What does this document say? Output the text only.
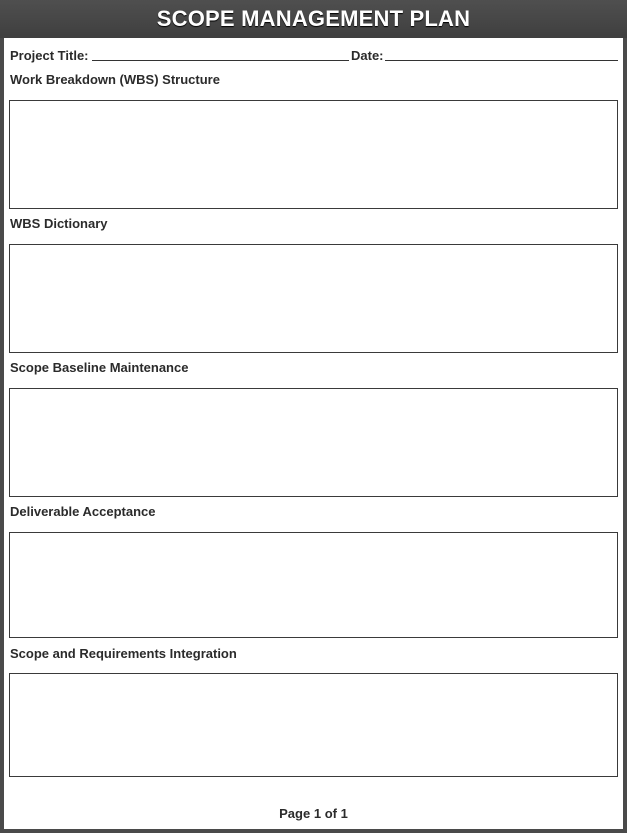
SCOPE MANAGEMENT PLAN
Project Title:	Date:
Work Breakdown (WBS) Structure
WBS Dictionary
Scope Baseline Maintenance
Deliverable Acceptance
Scope and Requirements Integration
Page 1 of 1
